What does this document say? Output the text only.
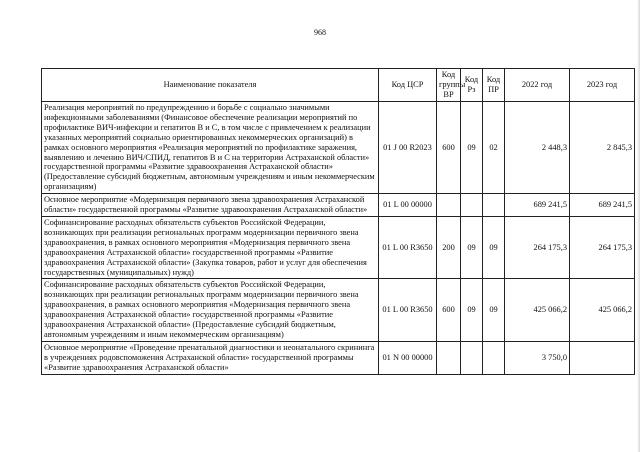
968
Наименование показателя	Код ЦСР	Код группы ВР	Код Рз	Код ПР	2022 год	2023 год
Реализация мероприятий по предупреждению и борьбе с социально значимыми инфекционными заболеваниями (Финансовое обеспечение реализации мероприятий по профилактике ВИЧ-инфекции и гепатитов В и С, в том числе с привлечением к реализации указанных мероприятий социально ориентированных некоммерческих организаций) в рамках основного мероприятия «Реализация мероприятий по профилактике заражения, выявлению и лечению ВИЧ/СПИД, гепатитов В и С на территории Астраханской области» государственной программы «Развитие здравоохранения Астраханской области» (Предоставление субсидий бюджетным, автономным учреждениям и иным некоммерческим организациям)	01 J 00 R2023	600	09	02	2 448,3	2 845,3
Основное мероприятие «Модернизация первичного звена здравоохранения Астраханской области» государственной программы «Развитие здравоохранения Астраханской области»	01 L 00 00000				689 241,5	689 241,5
Софинансирование расходных обязательств субъектов Российской Федерации, возникающих при реализации региональных программ модернизации первичного звена здравоохранения, в рамках основного мероприятия «Модернизация первичного звена здравоохранения Астраханской области» государственной программы «Развитие здравоохранения Астраханской области» (Закупка товаров, работ и услуг для обеспечения государственных (муниципальных) нужд)	01 L 00 R3650	200	09	09	264 175,3	264 175,3
Софинансирование расходных обязательств субъектов Российской Федерации, возникающих при реализации региональных программ модернизации первичного звена здравоохранения, в рамках основного мероприятия «Модернизация первичного звена здравоохранения Астраханской области» государственной программы «Развитие здравоохранения Астраханской области» (Предоставление субсидий бюджетным, автономным учреждениям и иным некоммерческим организациям)	01 L 00 R3650	600	09	09	425 066,2	425 066,2
Основное мероприятие «Проведение пренатальной диагностики и неонатального скрининга в учреждениях родовспоможения Астраханской области» государственной программы «Развитие здравоохранения Астраханской области»	01 N 00 00000				3 750,0	
